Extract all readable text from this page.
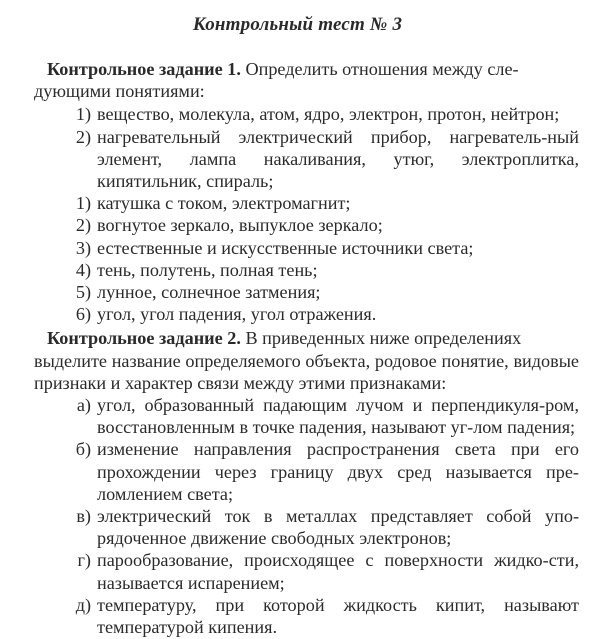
Контрольный тест № 3

Контрольное задание 1. Определить отношения между сле-

дующими понятиями:

1) вещество, молекула, атом, ядро, электрон, протон, нейтрон;
2) нагревательный электрический прибор, нагреватель-ный элемент, лампа накаливания, утюг, электроплитка, кипятильник, спираль;
1) катушка с током, электромагнит;
2) вогнутое зеркало, выпуклое зеркало;
3) естественные и искусственные источники света;
4) тень, полутень, полная тень;
5) лунное, солнечное затмения;
6) угол, угол падения, угол отражения.

Контрольное задание 2. В приведенных ниже определениях

выделите название определяемого объекта, родовое понятие, видовые признаки и характер связи между этими признаками:

а) угол, образованный падающим лучом и перпендикуля-ром, восстановленным в точке падения, называют уг-лом падения;
б) изменение направления распространения света при его прохождении через границу двух сред называется пре-ломлением света;
в) электрический ток в металлах представляет собой упо-рядоченное движение свободных электронов;
г) парообразование, происходящее с поверхности жидко-сти, называется испарением;
д) температуру, при которой жидкость кипит, называют температурой кипения.
